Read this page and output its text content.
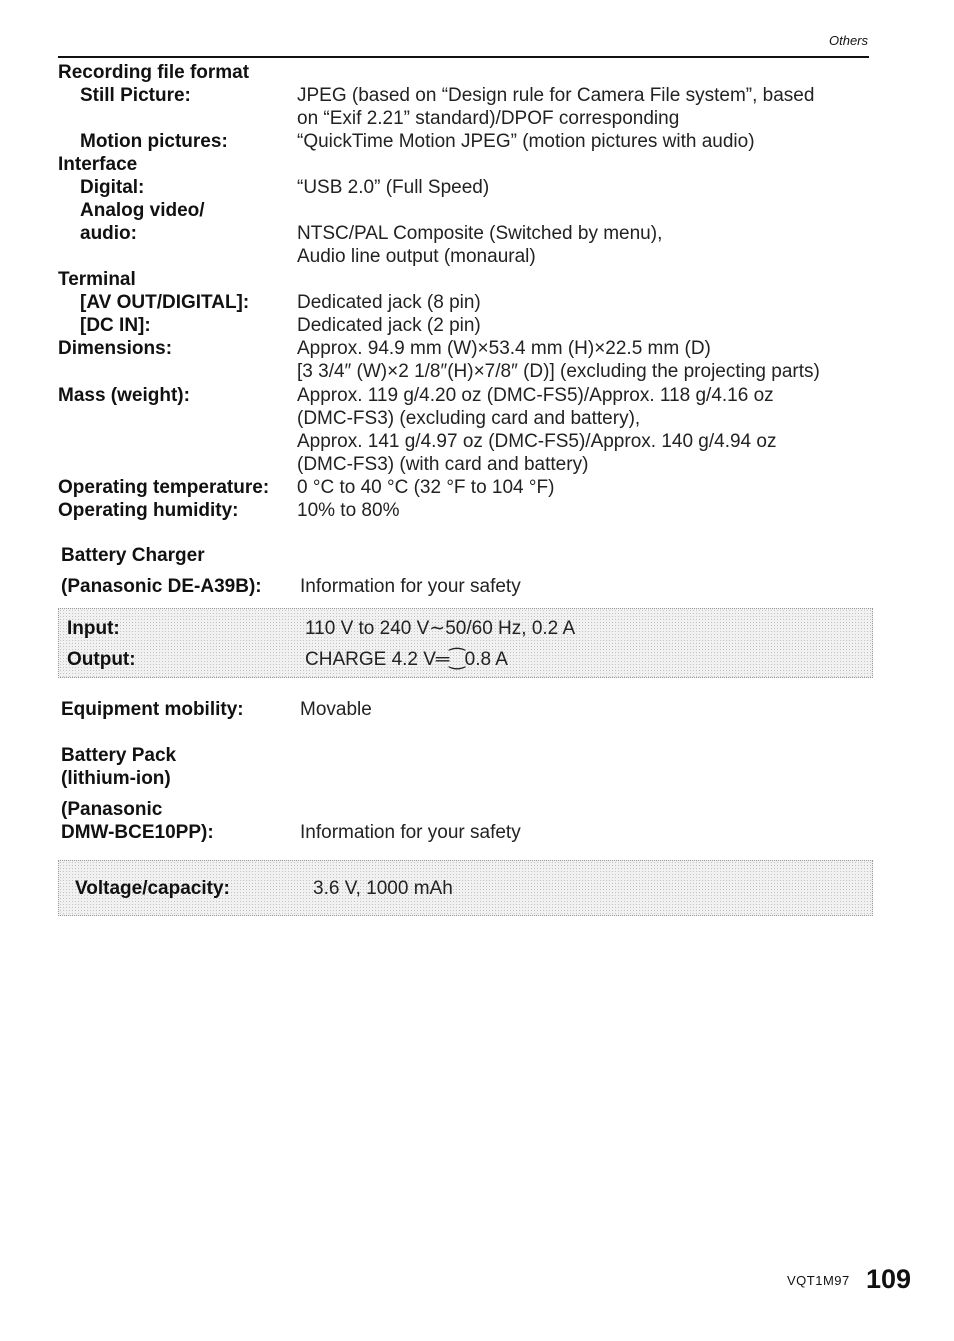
Others
Recording file format
Still Picture:	JPEG (based on “Design rule for Camera File system”, based
on “Exif 2.21” standard)/DPOF corresponding
Motion pictures:	“QuickTime Motion JPEG” (motion pictures with audio)
Interface
Digital:	“USB 2.0” (Full Speed)
Analog video/
audio:	NTSC/PAL Composite (Switched by menu),
Audio line output (monaural)
Terminal
[AV OUT/DIGITAL]:	Dedicated jack (8 pin)
[DC IN]:	Dedicated jack (2 pin)
Dimensions:	Approx. 94.9 mm (W)×53.4 mm (H)×22.5 mm (D)
[3 3/4″ (W)×2 1/8″(H)×7/8″ (D)] (excluding the projecting parts)
Mass (weight):	Approx. 119 g/4.20 oz (DMC-FS5)/Approx. 118 g/4.16 oz
(DMC-FS3) (excluding card and battery),
Approx. 141 g/4.97 oz (DMC-FS5)/Approx. 140 g/4.94 oz
(DMC-FS3) (with card and battery)
Operating temperature: 0 °C to 40 °C (32 °F to 104 °F)
Operating humidity:	10% to 80%
Battery Charger
(Panasonic DE-A39B): Information for your safety
Input:	110 V to 240 V∼50/60 Hz, 0.2 A
Output:	CHARGE 4.2 V═⁐0.8 A
Equipment mobility:	Movable
Battery Pack
(lithium-ion)
(Panasonic
DMW-BCE10PP):	Information for your safety
Voltage/capacity:	3.6 V, 1000 mAh
VQT1M97 109
